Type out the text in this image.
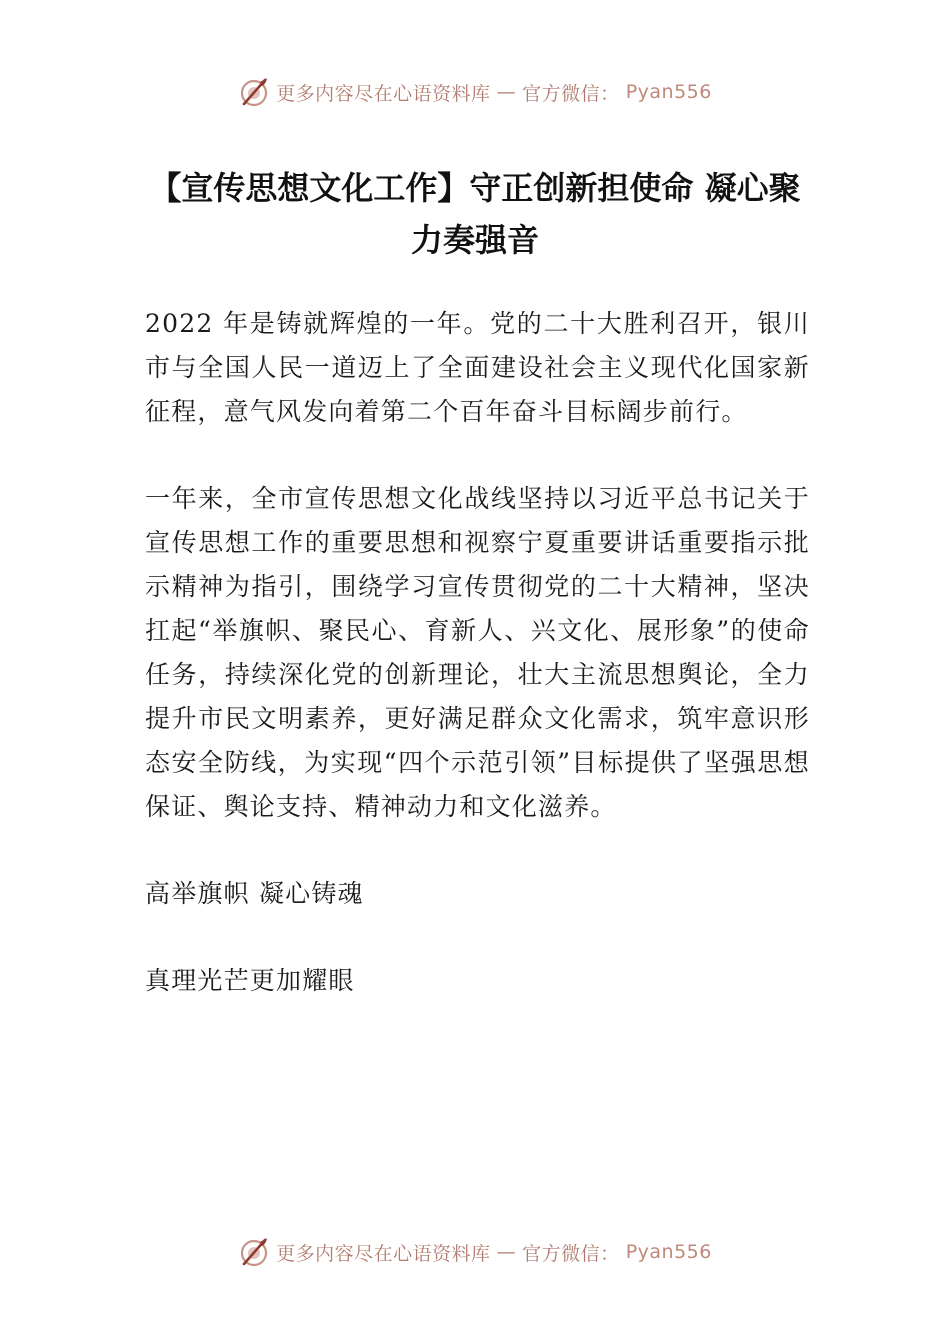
更多内容尽在心语资料库 — 官方微信： Pyan556
【宣传思想文化工作】守正创新担使命 凝心聚力奏强音

2022 年是铸就辉煌的一年。党的二十大胜利召开，银川市与全国人民一道迈上了全面建设社会主义现代化国家新征程，意气风发向着第二个百年奋斗目标阔步前行。

一年来，全市宣传思想文化战线坚持以习近平总书记关于宣传思想工作的重要思想和视察宁夏重要讲话重要指示批示精神为指引，围绕学习宣传贯彻党的二十大精神，坚决扛起“举旗帜、聚民心、育新人、兴文化、展形象”的使命任务，持续深化党的创新理论，壮大主流思想舆论，全力提升市民文明素养，更好满足群众文化需求，筑牢意识形态安全防线，为实现“四个示范引领”目标提供了坚强思想保证、舆论支持、精神动力和文化滋养。

高举旗帜 凝心铸魂

真理光芒更加耀眼

更多内容尽在心语资料库 — 官方微信： Pyan556
